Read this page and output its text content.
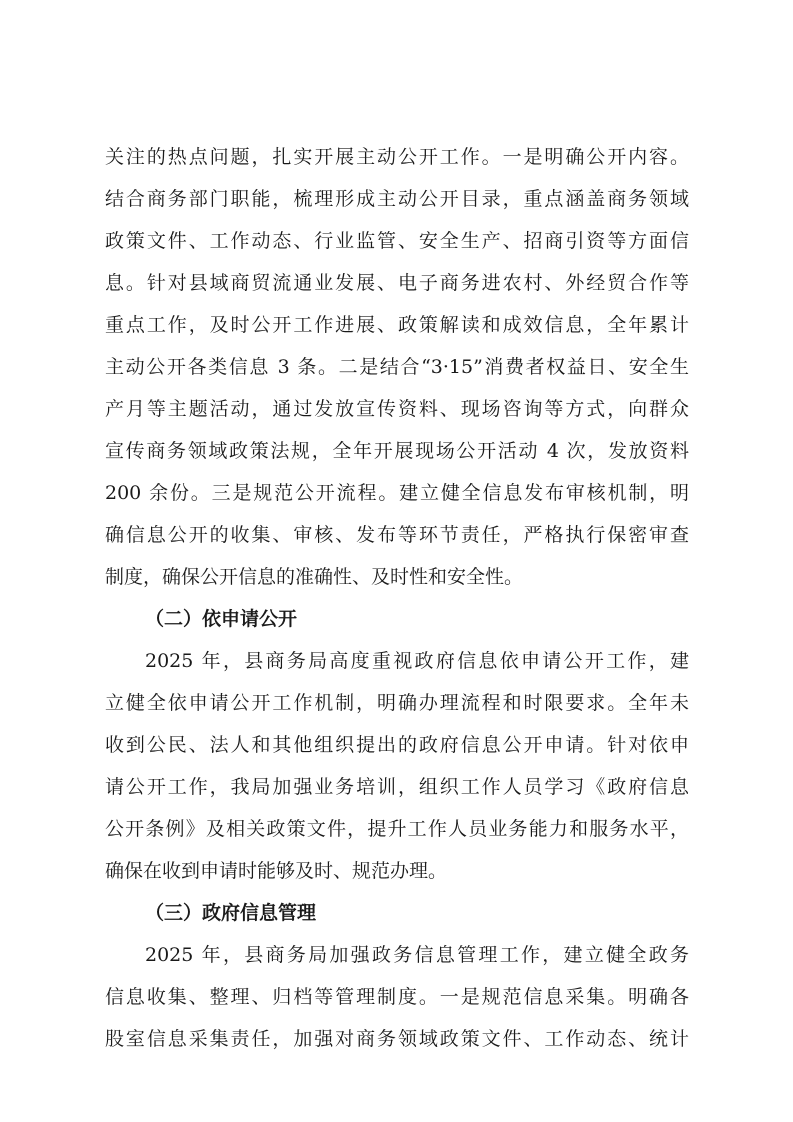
关注的热点问题，扎实开展主动公开工作。一是明确公开内容。
结合商务部门职能，梳理形成主动公开目录，重点涵盖商务领域
政策文件、工作动态、行业监管、安全生产、招商引资等方面信
息。针对县域商贸流通业发展、电子商务进农村、外经贸合作等
重点工作，及时公开工作进展、政策解读和成效信息，全年累计
主动公开各类信息 3 条。二是结合“3·15”消费者权益日、安全生
产月等主题活动，通过发放宣传资料、现场咨询等方式，向群众
宣传商务领域政策法规，全年开展现场公开活动 4 次，发放资料
200 余份。三是规范公开流程。建立健全信息发布审核机制，明
确信息公开的收集、审核、发布等环节责任，严格执行保密审查
制度，确保公开信息的准确性、及时性和安全性。
（二）依申请公开
2025 年，县商务局高度重视政府信息依申请公开工作，建
立健全依申请公开工作机制，明确办理流程和时限要求。全年未
收到公民、法人和其他组织提出的政府信息公开申请。针对依申
请公开工作，我局加强业务培训，组织工作人员学习《政府信息
公开条例》及相关政策文件，提升工作人员业务能力和服务水平，
确保在收到申请时能够及时、规范办理。
（三）政府信息管理
2025 年，县商务局加强政务信息管理工作，建立健全政务
信息收集、整理、归档等管理制度。一是规范信息采集。明确各
股室信息采集责任，加强对商务领域政策文件、工作动态、统计
